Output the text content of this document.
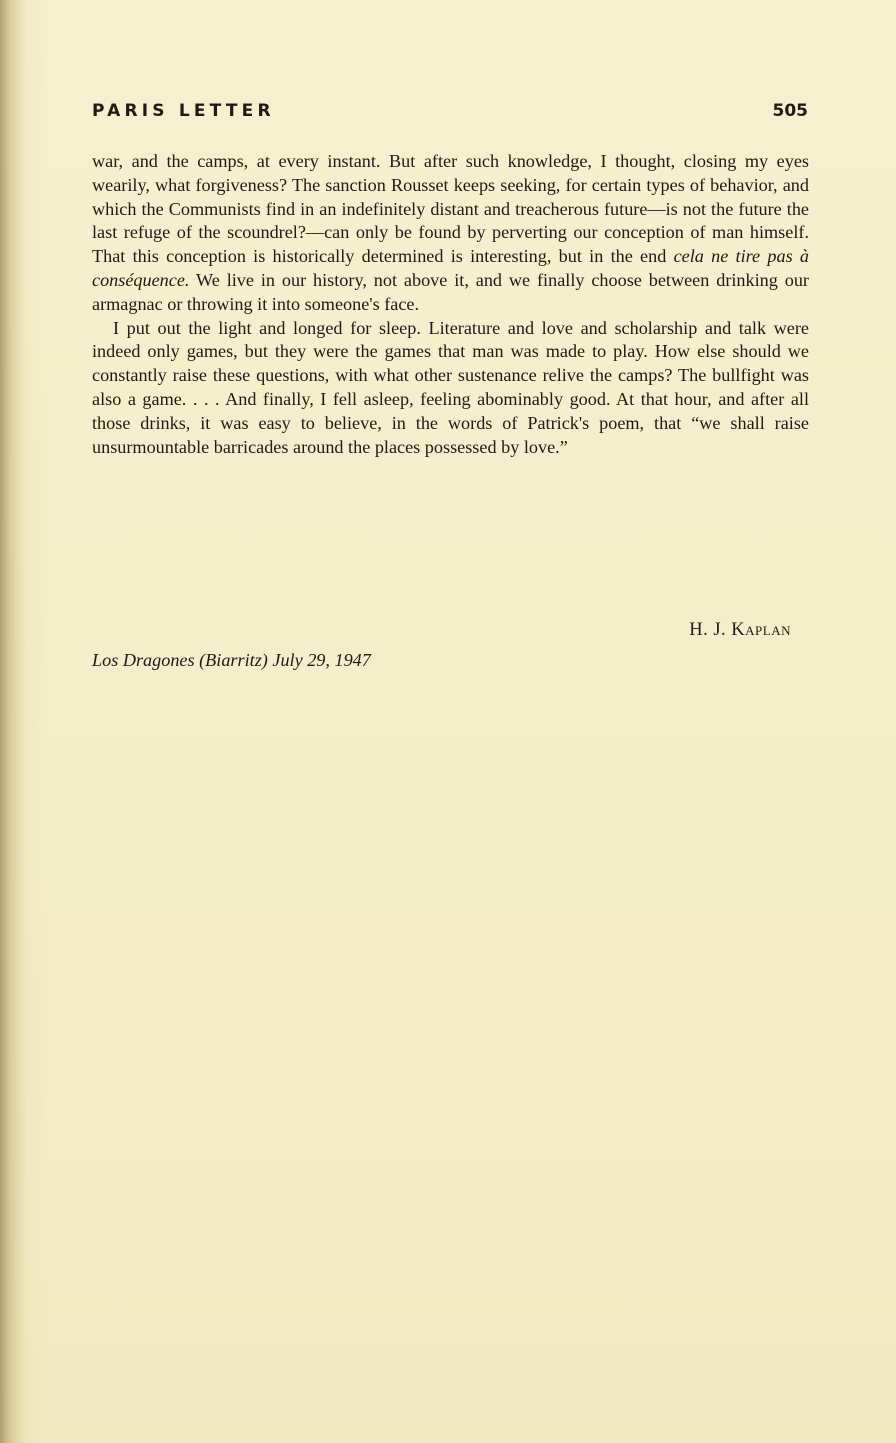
PARIS LETTER	505

war, and the camps, at every instant. But after such knowledge, I thought, closing my eyes wearily, what forgiveness? The sanction Rousset keeps seeking, for certain types of behavior, and which the Communists find in an indefinitely distant and treacherous future—is not the future the last refuge of the scoundrel?—can only be found by perverting our conception of man himself. That this conception is historically determined is interesting, but in the end cela ne tire pas à conséquence. We live in our history, not above it, and we finally choose between drinking our armagnac or throwing it into someone's face.

I put out the light and longed for sleep. Literature and love and scholarship and talk were indeed only games, but they were the games that man was made to play. How else should we constantly raise these questions, with what other sustenance relive the camps? The bullfight was also a game. . . . And finally, I fell asleep, feeling abominably good. At that hour, and after all those drinks, it was easy to believe, in the words of Patrick's poem, that “we shall raise unsurmountable barricades around the places possessed by love.”

H. J. Kaplan
Los Dragones (Biarritz) July 29, 1947
